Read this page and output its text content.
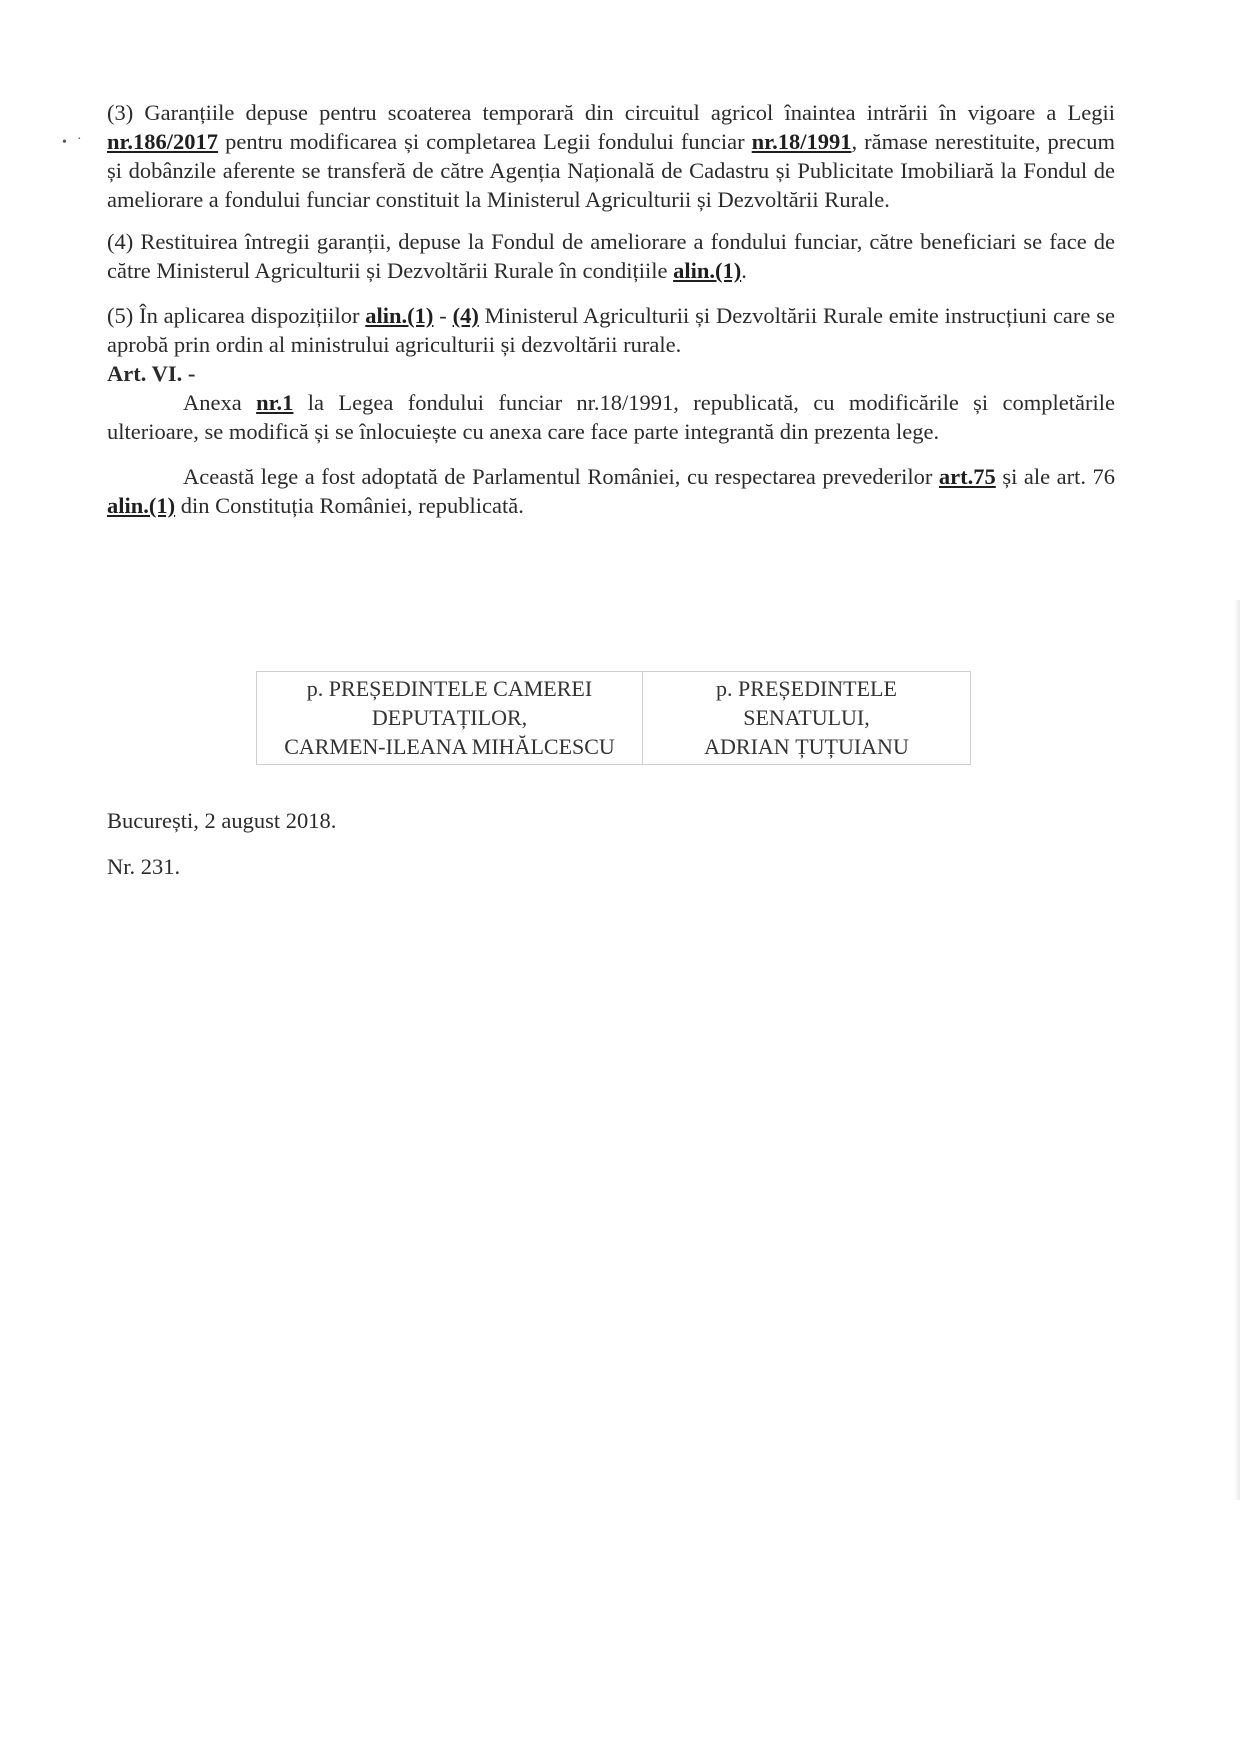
• ·

(3) Garanțiile depuse pentru scoaterea temporară din circuitul agricol înaintea intrării în vigoare a Legii nr.186/2017 pentru modificarea și completarea Legii fondului funciar nr.18/1991, rămase nerestituite, precum și dobânzile aferente se transferă de către Agenția Națională de Cadastru și Publicitate Imobiliară la Fondul de ameliorare a fondului funciar constituit la Ministerul Agriculturii și Dezvoltării Rurale.

(4) Restituirea întregii garanții, depuse la Fondul de ameliorare a fondului funciar, către beneficiari se face de către Ministerul Agriculturii și Dezvoltării Rurale în condițiile alin.(1).

(5) În aplicarea dispozițiilor alin.(1) - (4) Ministerul Agriculturii și Dezvoltării Rurale emite instrucțiuni care se aprobă prin ordin al ministrului agriculturii și dezvoltării rurale.

Art. VI. -

Anexa nr.1 la Legea fondului funciar nr.18/1991, republicată, cu modificările și completările ulterioare, se modifică și se înlocuiește cu anexa care face parte integrantă din prezenta lege.

Această lege a fost adoptată de Parlamentul României, cu respectarea prevederilor art.75 și ale art. 76 alin.(1) din Constituția României, republicată.

p. PREȘEDINTELE CAMEREI
DEPUTAȚILOR,
CARMEN-ILEANA MIHĂLCESCU

p. PREȘEDINTELE
SENATULUI,
ADRIAN ȚUȚUIANU
București, 2 august 2018.
Nr. 231.
